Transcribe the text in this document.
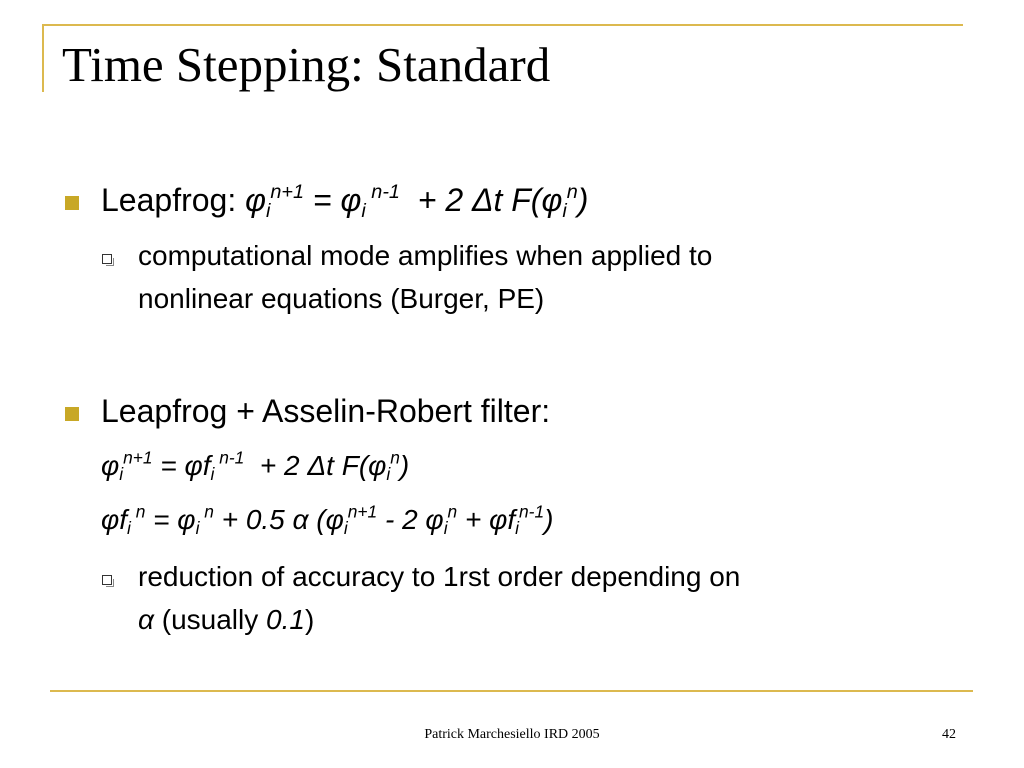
Time Stepping: Standard
Leapfrog: $\varphi_i^{n+1} = \varphi_i$ $^{n-1}$  + 2 Δt $F(\varphi_i^n)$
computational mode amplifies when applied to
nonlinear equations (Burger, PE)
Leapfrog + Asselin-Robert filter:
$\varphi_i^{n+1} = \varphi f_i$ $^{n-1}$  + 2 Δt $F(\varphi_i^n)$
$\varphi f_i$ $^n = \varphi_i$ $^n$ + 0.5 α ($\varphi_i^{n+1} - 2$ $\varphi_i^n + \varphi f_i^{n-1}$)
reduction of accuracy to 1rst order depending on
α (usually 0.1)
Patrick Marchesiello IRD 2005	42
